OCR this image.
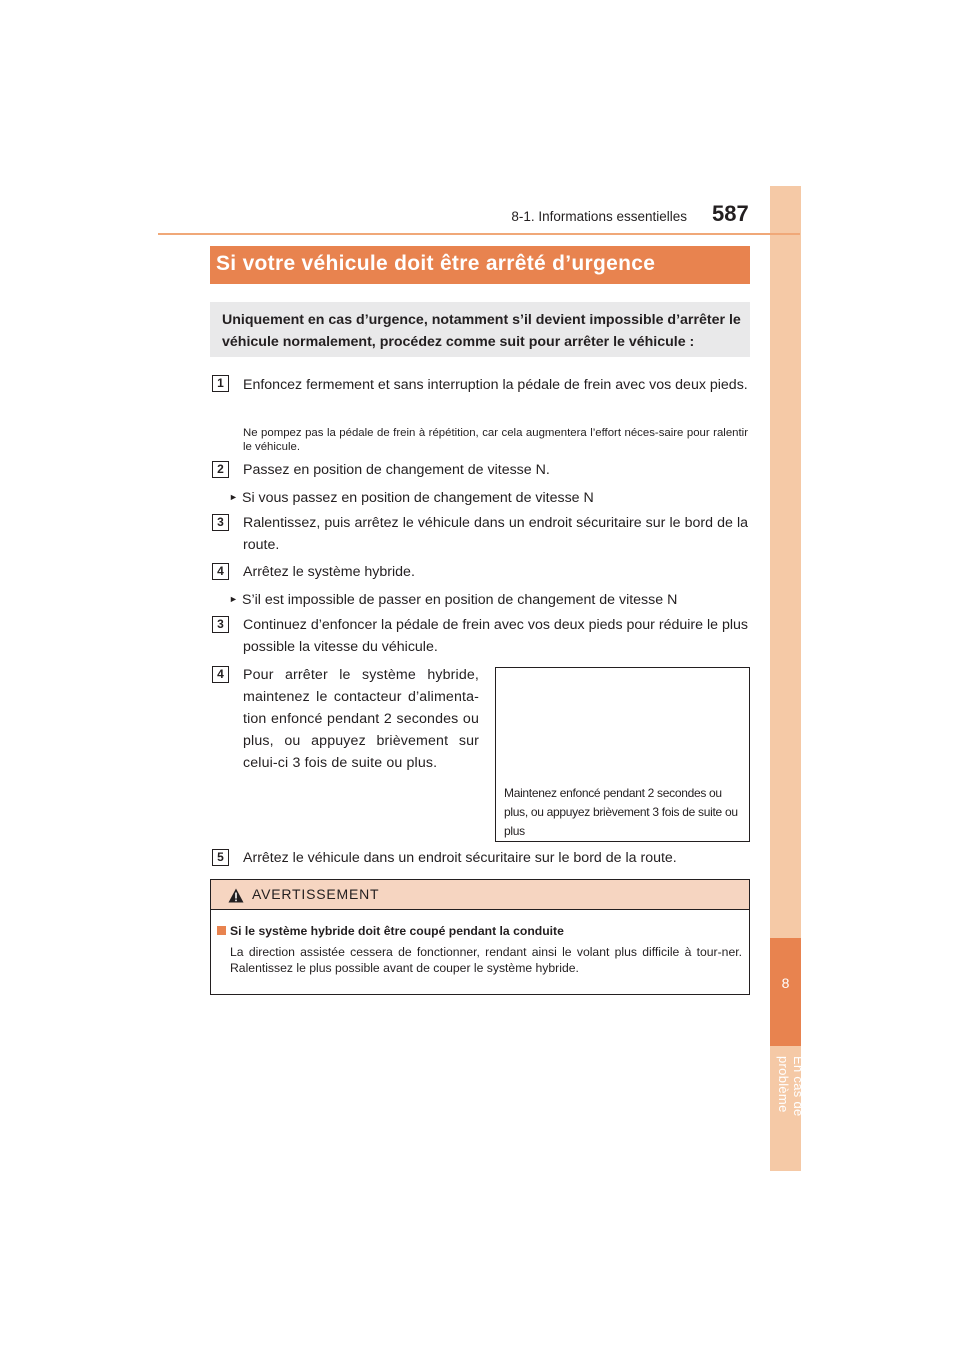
8
En cas de problème
8-1. Informations essentielles 587
Si votre véhicule doit être arrêté d’urgence
Uniquement en cas d’urgence, notamment s’il devient impossible d’arrêter le véhicule normalement, procédez comme suit pour arrêter le véhicule :
1	Enfoncez fermement et sans interruption la pédale de frein avec vos deux pieds.
Ne pompez pas la pédale de frein à répétition, car cela augmentera l’effort néces-saire pour ralentir le véhicule.
2	Passez en position de changement de vitesse N.
► Si vous passez en position de changement de vitesse N
3	Ralentissez, puis arrêtez le véhicule dans un endroit sécuritaire sur le bord de la route.
4	Arrêtez le système hybride.
► S’il est impossible de passer en position de changement de vitesse N
3	Continuez d’enfoncer la pédale de frein avec vos deux pieds pour réduire le plus possible la vitesse du véhicule.
4	Pour arrêter le système hybride, maintenez le contacteur d’alimenta-tion enfoncé pendant 2 secondes ou plus, ou appuyez brièvement sur celui-ci 3 fois de suite ou plus.
Maintenez enfoncé pendant 2 secondes ou plus, ou appuyez brièvement 3 fois de suite ou plus
5	Arrêtez le véhicule dans un endroit sécuritaire sur le bord de la route.
AVERTISSEMENT
Si le système hybride doit être coupé pendant la conduite
La direction assistée cessera de fonctionner, rendant ainsi le volant plus difficile à tour-ner. Ralentissez le plus possible avant de couper le système hybride.
